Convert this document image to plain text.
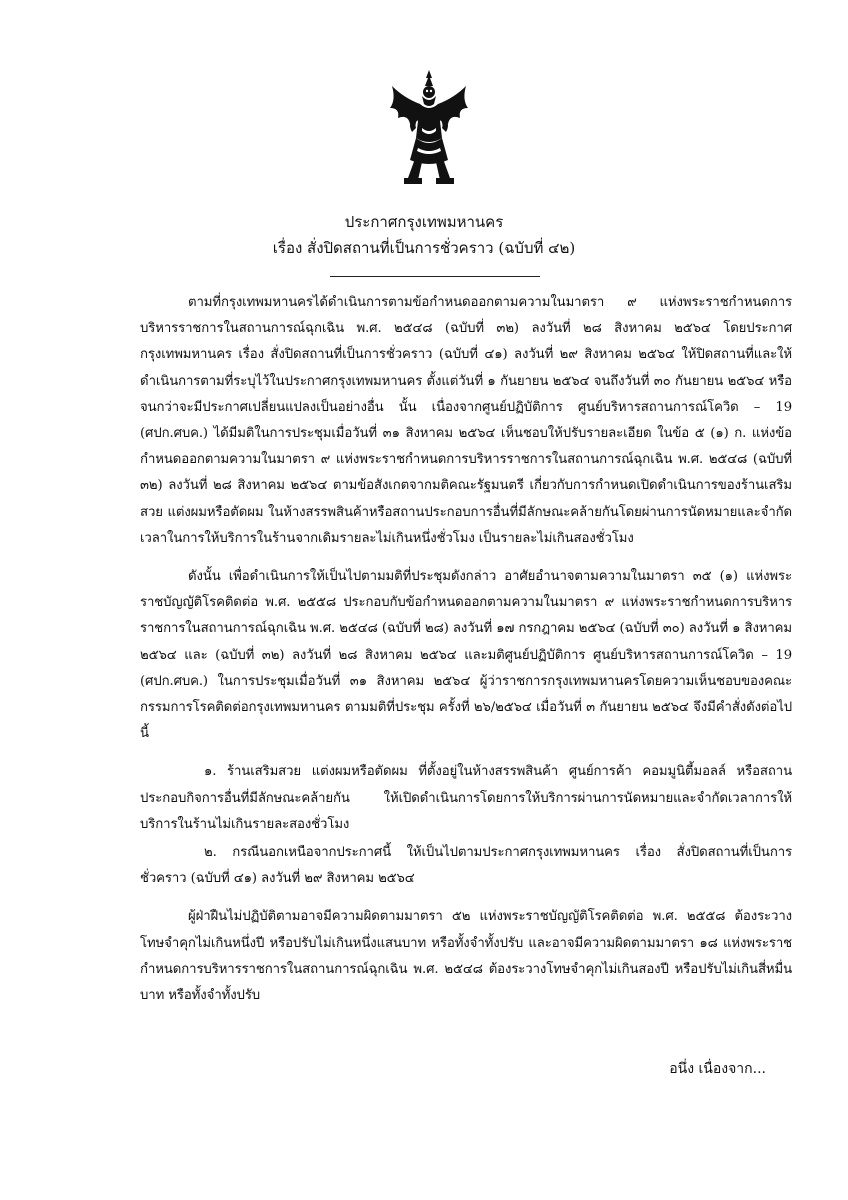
ประกาศกรุงเทพมหานคร
เรื่อง สั่งปิดสถานที่เป็นการชั่วคราว (ฉบับที่ ๔๒)

ตามที่กรุงเทพมหานครได้ดำเนินการตามข้อกำหนดออกตามความในมาตรา ๙ แห่งพระราชกำหนดการบริหารราชการในสถานการณ์ฉุกเฉิน พ.ศ. ๒๕๔๘ (ฉบับที่ ๓๒) ลงวันที่ ๒๘ สิงหาคม ๒๕๖๔ โดยประกาศกรุงเทพมหานคร เรื่อง สั่งปิดสถานที่เป็นการชั่วคราว (ฉบับที่ ๔๑) ลงวันที่ ๒๙ สิงหาคม ๒๕๖๔ ให้ปิดสถานที่และให้ดำเนินการตามที่ระบุไว้ในประกาศกรุงเทพมหานคร ตั้งแต่วันที่ ๑ กันยายน ๒๕๖๔ จนถึงวันที่ ๓๐ กันยายน ๒๕๖๔ หรือจนกว่าจะมีประกาศเปลี่ยนแปลงเป็นอย่างอื่น นั้น เนื่องจากศูนย์ปฏิบัติการ ศูนย์บริหารสถานการณ์โควิด – 19 (ศปก.ศบค.) ได้มีมติในการประชุมเมื่อวันที่ ๓๑ สิงหาคม ๒๕๖๔ เห็นชอบให้ปรับรายละเอียด ในข้อ ๕ (๑) ก. แห่งข้อกำหนดออกตามความในมาตรา ๙ แห่งพระราชกำหนดการบริหารราชการในสถานการณ์ฉุกเฉิน พ.ศ. ๒๕๔๘ (ฉบับที่ ๓๒) ลงวันที่ ๒๘ สิงหาคม ๒๕๖๔ ตามข้อสังเกตจากมติคณะรัฐมนตรี เกี่ยวกับการกำหนดเปิดดำเนินการของร้านเสริมสวย แต่งผมหรือตัดผม ในห้างสรรพสินค้าหรือสถานประกอบการอื่นที่มีลักษณะคล้ายกันโดยผ่านการนัดหมายและจำกัดเวลาในการให้บริการในร้านจากเดิมรายละไม่เกินหนึ่งชั่วโมง เป็นรายละไม่เกินสองชั่วโมง

ดังนั้น เพื่อดำเนินการให้เป็นไปตามมติที่ประชุมดังกล่าว อาศัยอำนาจตามความในมาตรา ๓๕ (๑) แห่งพระราชบัญญัติโรคติดต่อ พ.ศ. ๒๕๕๘ ประกอบกับข้อกำหนดออกตามความในมาตรา ๙ แห่งพระราชกำหนดการบริหารราชการในสถานการณ์ฉุกเฉิน พ.ศ. ๒๕๔๘ (ฉบับที่ ๒๘) ลงวันที่ ๑๗ กรกฎาคม ๒๕๖๔ (ฉบับที่ ๓๐) ลงวันที่ ๑ สิงหาคม ๒๕๖๔ และ (ฉบับที่ ๓๒) ลงวันที่ ๒๘ สิงหาคม ๒๕๖๔ และมติศูนย์ปฏิบัติการ ศูนย์บริหารสถานการณ์โควิด – 19 (ศปก.ศบค.) ในการประชุมเมื่อวันที่ ๓๑ สิงหาคม ๒๕๖๔ ผู้ว่าราชการกรุงเทพมหานครโดยความเห็นชอบของคณะกรรมการโรคติดต่อกรุงเทพมหานคร ตามมติที่ประชุม ครั้งที่ ๒๖/๒๕๖๔ เมื่อวันที่ ๓ กันยายน ๒๕๖๔ จึงมีคำสั่งดังต่อไปนี้

๑. ร้านเสริมสวย แต่งผมหรือตัดผม ที่ตั้งอยู่ในห้างสรรพสินค้า ศูนย์การค้า คอมมูนิตี้มอลล์ หรือสถานประกอบกิจการอื่นที่มีลักษณะคล้ายกัน ให้เปิดดำเนินการโดยการให้บริการผ่านการนัดหมายและจำกัดเวลาการให้บริการในร้านไม่เกินรายละสองชั่วโมง

๒. กรณีนอกเหนือจากประกาศนี้ ให้เป็นไปตามประกาศกรุงเทพมหานคร เรื่อง สั่งปิดสถานที่เป็นการชั่วคราว (ฉบับที่ ๔๑) ลงวันที่ ๒๙ สิงหาคม ๒๕๖๔

ผู้ฝ่าฝืนไม่ปฏิบัติตามอาจมีความผิดตามมาตรา ๕๒ แห่งพระราชบัญญัติโรคติดต่อ พ.ศ. ๒๕๕๘ ต้องระวางโทษจำคุกไม่เกินหนึ่งปี หรือปรับไม่เกินหนึ่งแสนบาท หรือทั้งจำทั้งปรับ และอาจมีความผิดตามมาตรา ๑๘ แห่งพระราชกำหนดการบริหารราชการในสถานการณ์ฉุกเฉิน พ.ศ. ๒๕๔๘ ต้องระวางโทษจำคุกไม่เกินสองปี หรือปรับไม่เกินสี่หมื่นบาท หรือทั้งจำทั้งปรับ

อนึ่ง เนื่องจาก...
